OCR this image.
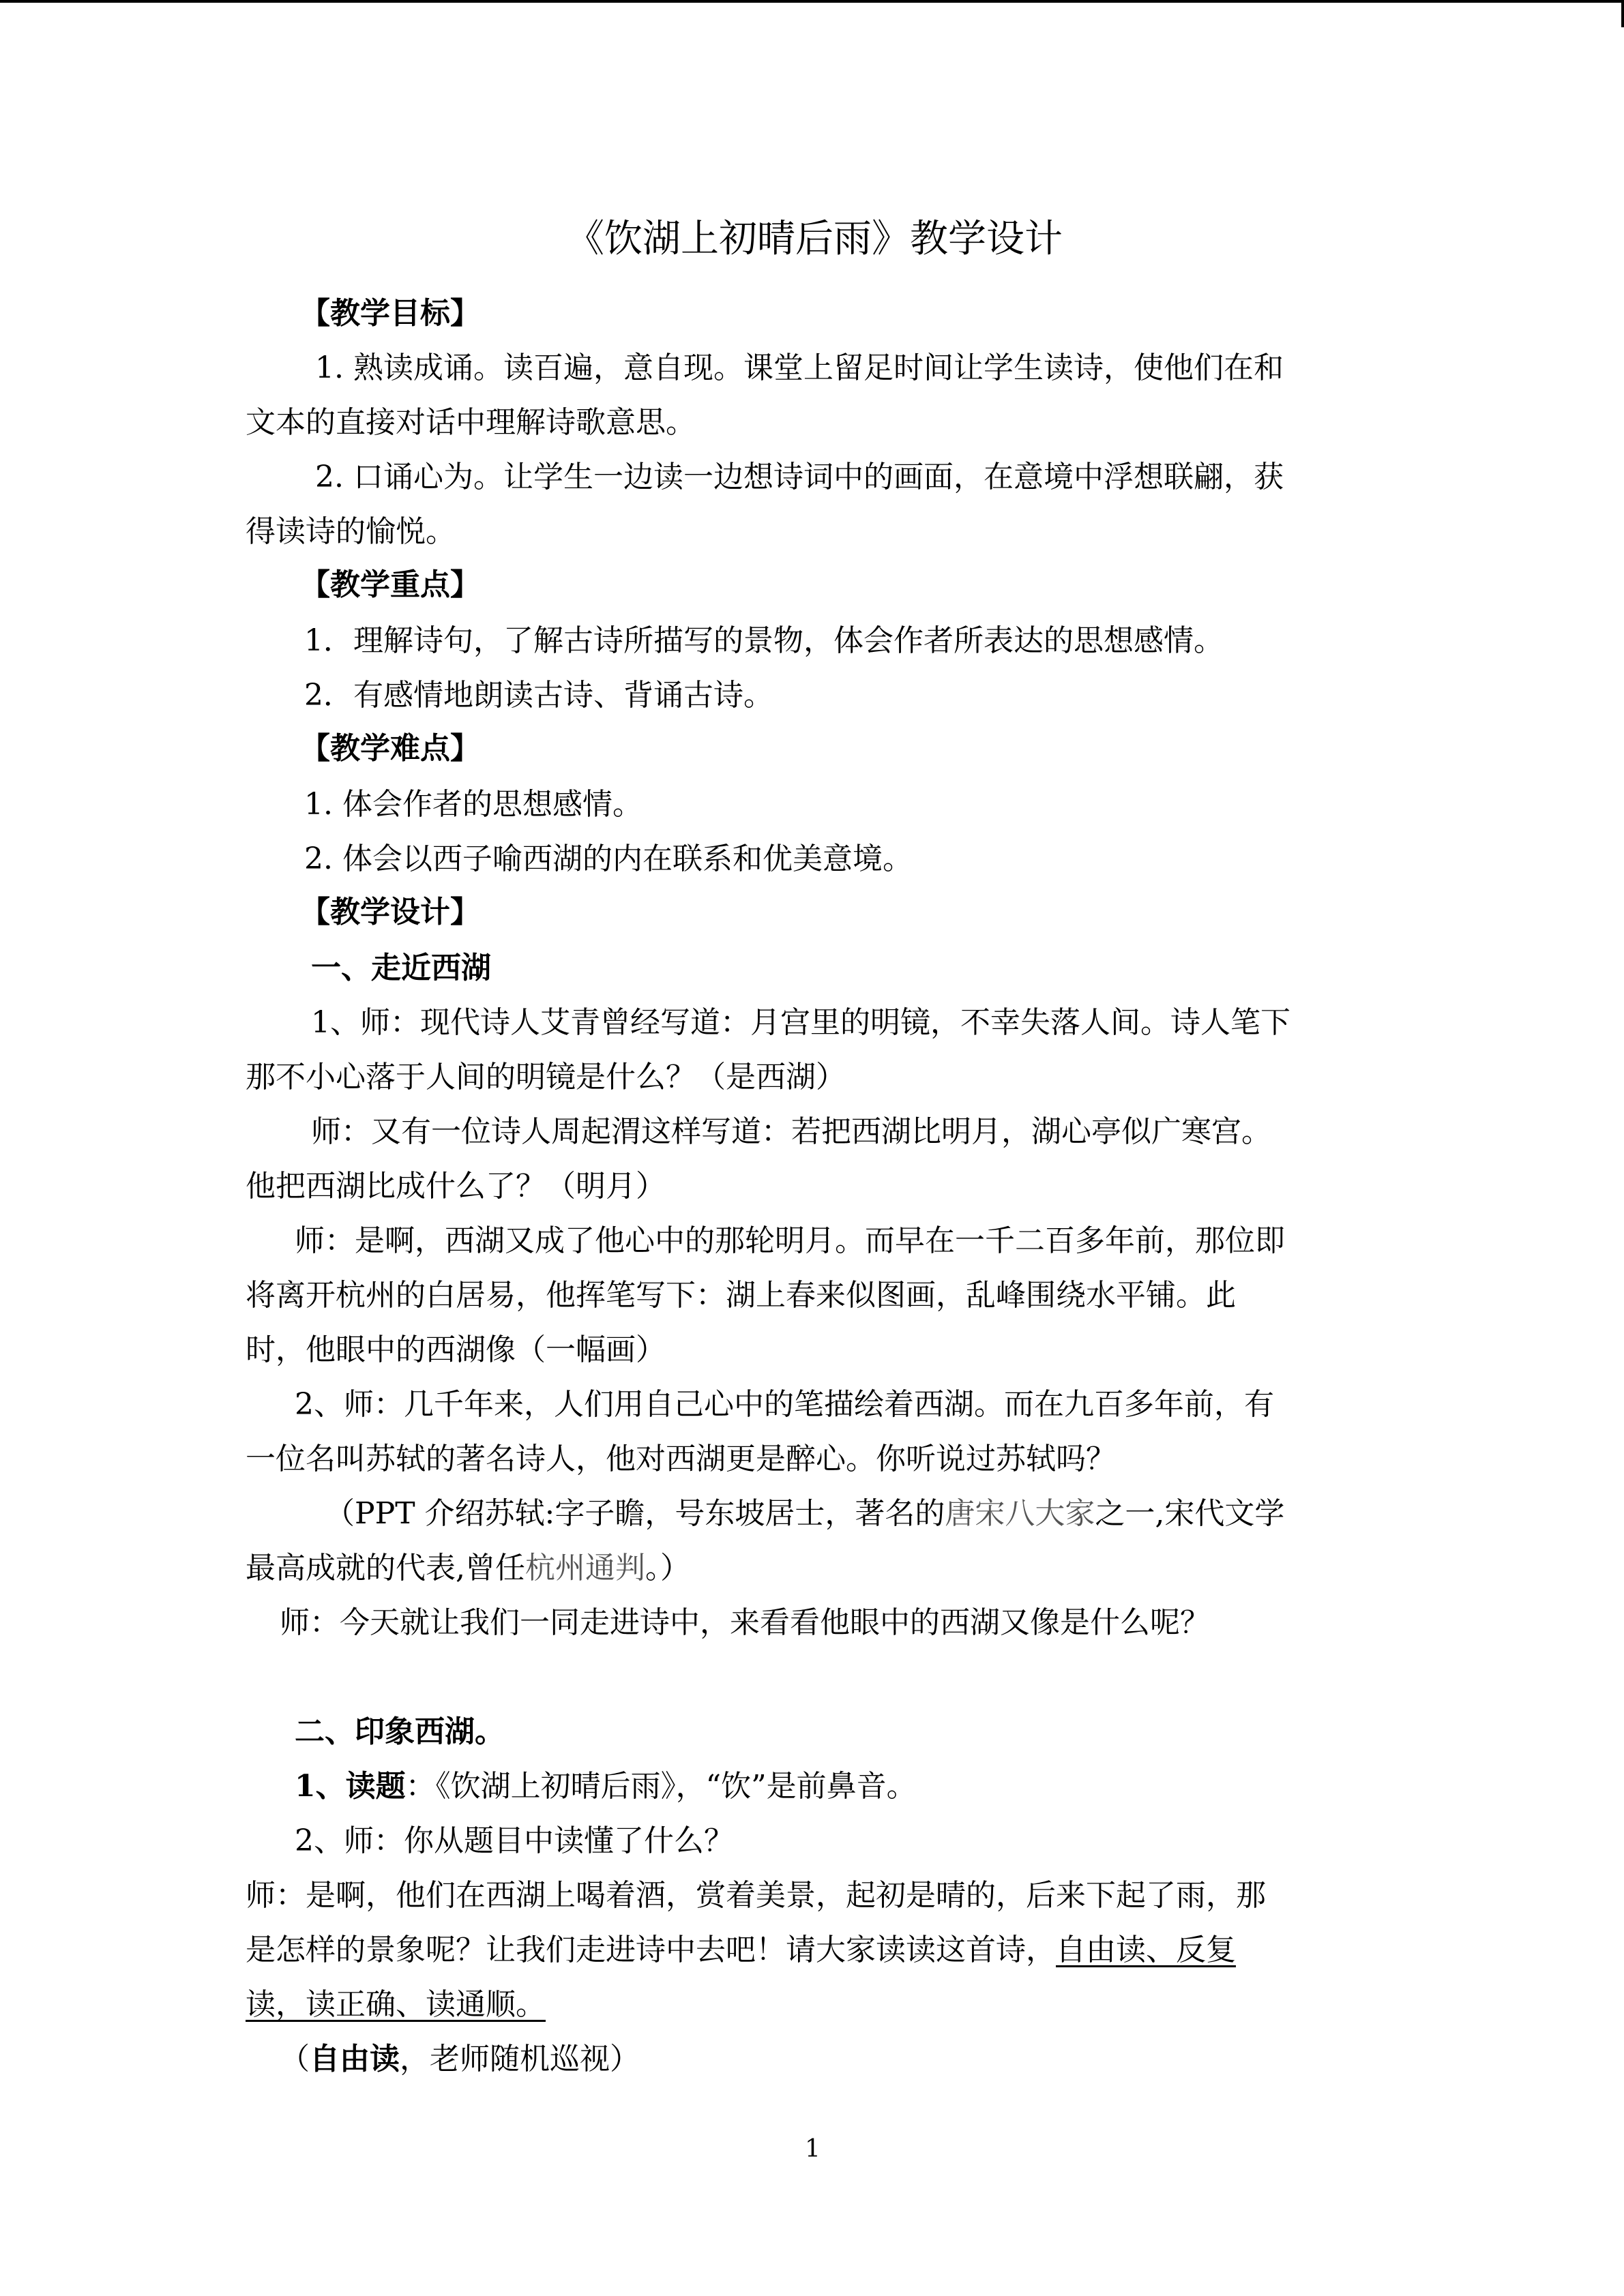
《饮湖上初晴后雨》教学设计

【教学目标】

1. 熟读成诵。读百遍，意自现。课堂上留足时间让学生读诗，使他们在和

文本的直接对话中理解诗歌意思。

2. 口诵心为。让学生一边读一边想诗词中的画面，在意境中浮想联翩，获

得读诗的愉悦。

【教学重点】

1．理解诗句，了解古诗所描写的景物，体会作者所表达的思想感情。

2．有感情地朗读古诗、背诵古诗。

【教学难点】

1. 体会作者的思想感情。

2. 体会以西子喻西湖的内在联系和优美意境。

【教学设计】

一、走近西湖

1、师：现代诗人艾青曾经写道：月宫里的明镜，不幸失落人间。诗人笔下

那不小心落于人间的明镜是什么？（是西湖）

师：又有一位诗人周起渭这样写道：若把西湖比明月，湖心亭似广寒宫。

他把西湖比成什么了？（明月）

师：是啊，西湖又成了他心中的那轮明月。而早在一千二百多年前，那位即

将离开杭州的白居易，他挥笔写下：湖上春来似图画，乱峰围绕水平铺。此

时，他眼中的西湖像（一幅画）

2、师：几千年来，人们用自己心中的笔描绘着西湖。而在九百多年前，有

一位名叫苏轼的著名诗人，他对西湖更是醉心。你听说过苏轼吗？

（PPT 介绍苏轼:字子瞻，号东坡居士，著名的唐宋八大家之一,宋代文学

最高成就的代表,曾任杭州通判。）

师：今天就让我们一同走进诗中，来看看他眼中的西湖又像是什么呢？

二、印象西湖。

1、读题：《饮湖上初晴后雨》，“饮”是前鼻音。

2、师：你从题目中读懂了什么？

师：是啊，他们在西湖上喝着酒，赏着美景，起初是晴的，后来下起了雨，那

是怎样的景象呢？让我们走进诗中去吧！请大家读读这首诗，自由读、反复

读，读正确、读通顺。

（自由读，老师随机巡视）

1
